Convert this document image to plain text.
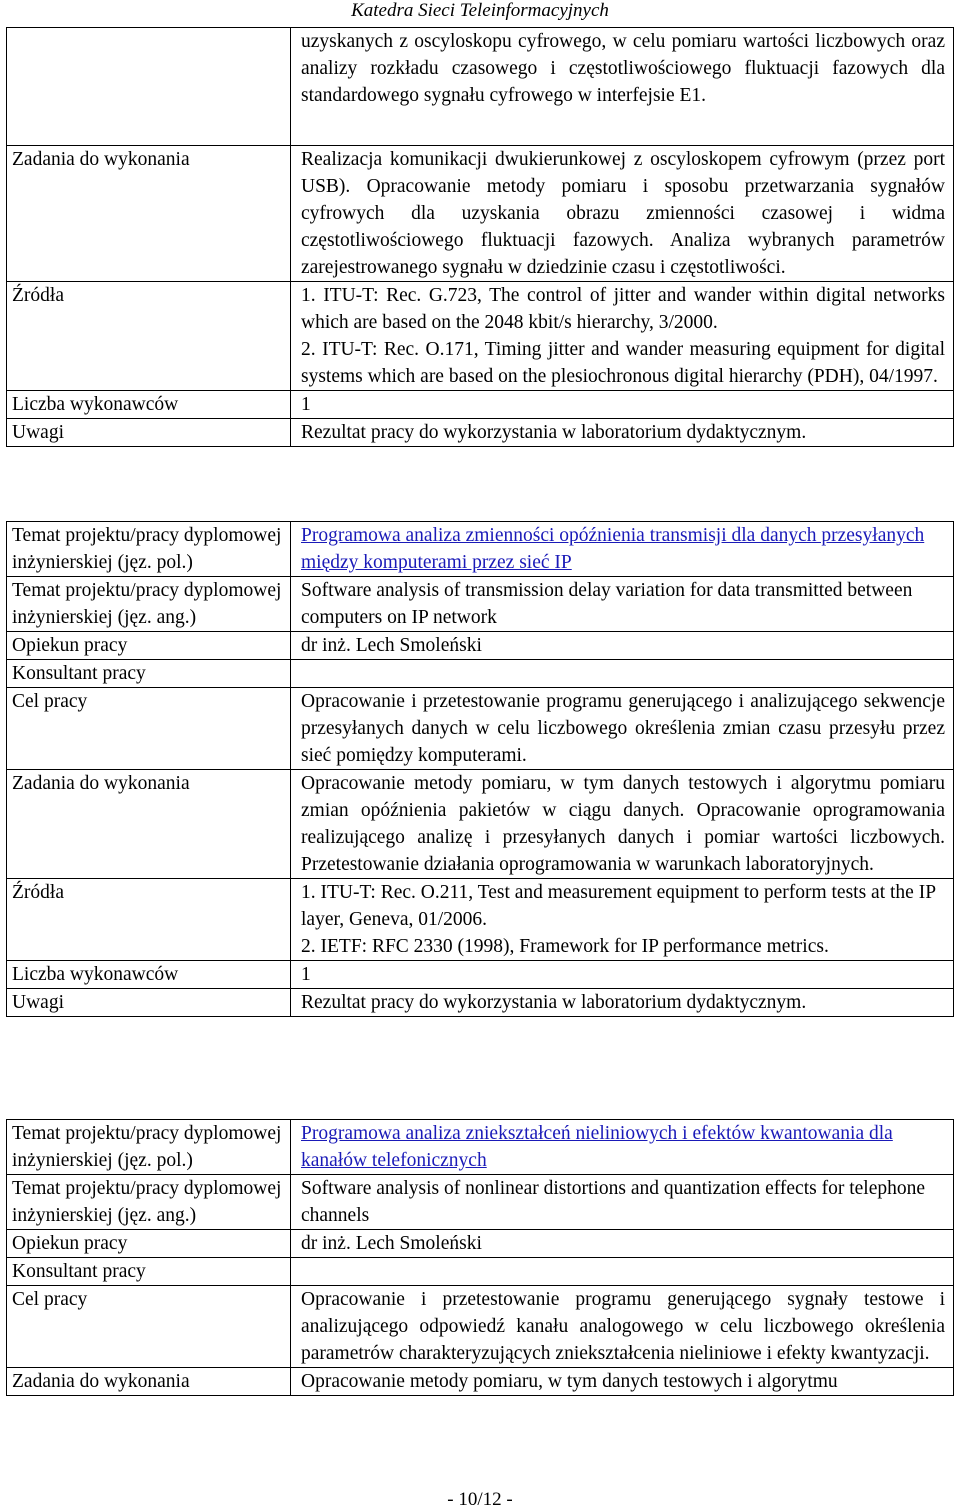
Katedra Sieci Teleinformacyjnych
	uzyskanych z oscyloskopu cyfrowego, w celu pomiaru wartości liczbowych oraz analizy rozkładu czasowego i częstotliwościowego fluktuacji fazowych dla standardowego sygnału cyfrowego w interfejsie E1.
Zadania do wykonania	Realizacja komunikacji dwukierunkowej z oscyloskopem cyfrowym (przez port USB). Opracowanie metody pomiaru i sposobu przetwarzania sygnałów cyfrowych dla uzyskania obrazu zmienności czasowej i widma częstotliwościowego fluktuacji fazowych. Analiza wybranych parametrów zarejestrowanego sygnału w dziedzinie czasu i częstotliwości.
Źródła	1. ITU-T: Rec. G.723, The control of jitter and wander within digital networks which are based on the 2048 kbit/s hierarchy, 3/2000.
2. ITU-T: Rec. O.171, Timing jitter and wander measuring equipment for digital systems which are based on the plesiochronous digital hierarchy (PDH), 04/1997.

Liczba wykonawców	1
Uwagi	Rezultat pracy do wykorzystania w laboratorium dydaktycznym.
Temat projektu/pracy dyplomowej inżynierskiej (jęz. pol.)	Programowa analiza zmienności opóźnienia transmisji dla danych przesyłanych między komputerami przez sieć IP
Temat projektu/pracy dyplomowej inżynierskiej (jęz. ang.)	Software analysis of transmission delay variation for data transmitted between computers on IP network
Opiekun pracy	dr inż. Lech Smoleński
Konsultant pracy	
Cel pracy	Opracowanie i przetestowanie programu generującego i analizującego sekwencje przesyłanych danych w celu liczbowego określenia zmian czasu przesyłu przez sieć pomiędzy komputerami.
Zadania do wykonania	Opracowanie metody pomiaru, w tym danych testowych i algorytmu pomiaru zmian opóźnienia pakietów w ciągu danych. Opracowanie oprogramowania realizującego analizę i przesyłanych danych i pomiar wartości liczbowych. Przetestowanie działania oprogramowania w warunkach laboratoryjnych.
Źródła	1. ITU-T: Rec. O.211, Test and measurement equipment to perform tests at the IP layer, Geneva, 01/2006.
2. IETF: RFC 2330 (1998), Framework for IP performance metrics.

Liczba wykonawców	1
Uwagi	Rezultat pracy do wykorzystania w laboratorium dydaktycznym.
Temat projektu/pracy dyplomowej inżynierskiej (jęz. pol.)	Programowa analiza zniekształceń nieliniowych i efektów kwantowania dla kanałów telefonicznych
Temat projektu/pracy dyplomowej inżynierskiej (jęz. ang.)	Software analysis of nonlinear distortions and quantization effects for telephone channels
Opiekun pracy	dr inż. Lech Smoleński
Konsultant pracy	
Cel pracy	Opracowanie i przetestowanie programu generującego sygnały testowe i analizującego odpowiedź kanału analogowego w celu liczbowego określenia parametrów charakteryzujących zniekształcenia nieliniowe i efekty kwantyzacji.
Zadania do wykonania	Opracowanie metody pomiaru, w tym danych testowych i algorytmu
- 10/12 -
